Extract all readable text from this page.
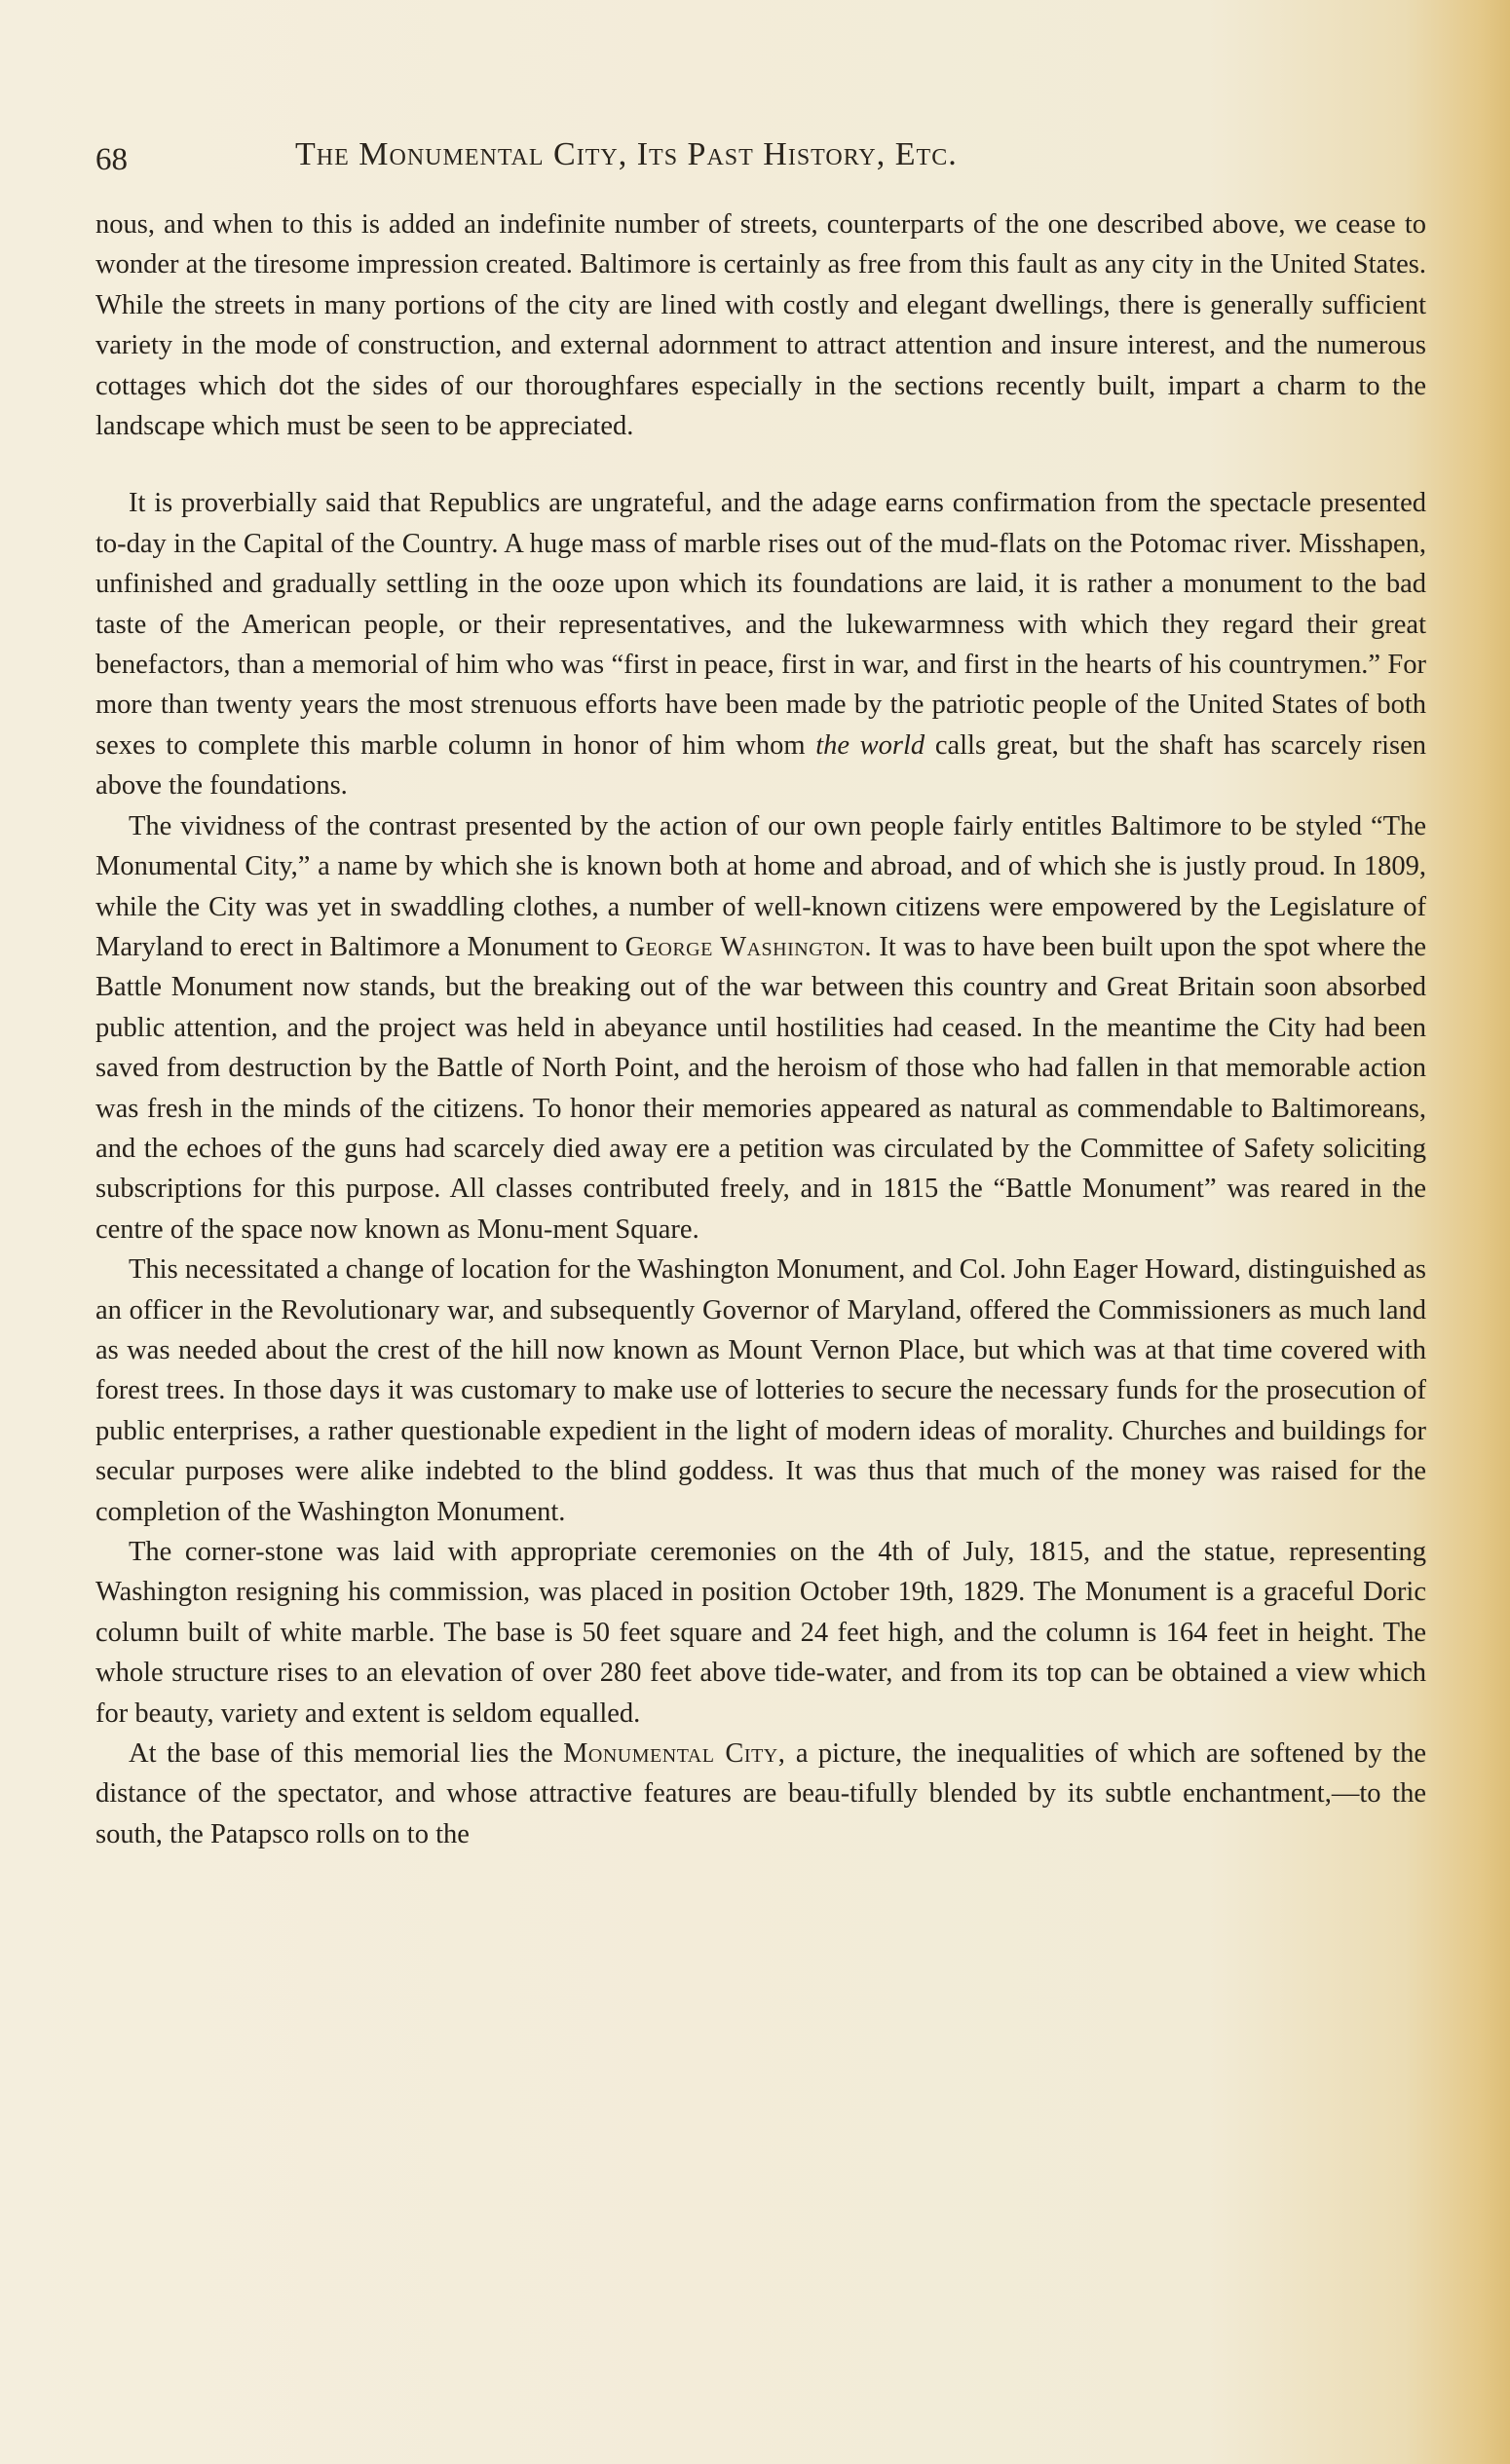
68	The Monumental City, Its Past History, Etc.

nous, and when to this is added an indefinite number of streets, counterparts of the one described above, we cease to wonder at the tiresome impression created. Baltimore is certainly as free from this fault as any city in the United States. While the streets in many portions of the city are lined with costly and elegant dwellings, there is generally sufficient variety in the mode of construction, and external adornment to attract attention and insure interest, and the numerous cottages which dot the sides of our thoroughfares especially in the sections recently built, impart a charm to the landscape which must be seen to be appreciated.

It is proverbially said that Republics are ungrateful, and the adage earns confirmation from the spectacle presented to-day in the Capital of the Country. A huge mass of marble rises out of the mud-flats on the Potomac river. Misshapen, unfinished and gradually settling in the ooze upon which its foundations are laid, it is rather a monument to the bad taste of the American people, or their representatives, and the lukewarmness with which they regard their great benefactors, than a memorial of him who was “first in peace, first in war, and first in the hearts of his countrymen.” For more than twenty years the most strenuous efforts have been made by the patriotic people of the United States of both sexes to complete this marble column in honor of him whom the world calls great, but the shaft has scarcely risen above the foundations.

The vividness of the contrast presented by the action of our own people fairly entitles Baltimore to be styled “The Monumental City,” a name by which she is known both at home and abroad, and of which she is justly proud. In 1809, while the City was yet in swaddling clothes, a number of well-known citizens were empowered by the Legislature of Maryland to erect in Baltimore a Monument to George Washington. It was to have been built upon the spot where the Battle Monument now stands, but the breaking out of the war between this country and Great Britain soon absorbed public attention, and the project was held in abeyance until hostilities had ceased. In the meantime the City had been saved from destruction by the Battle of North Point, and the heroism of those who had fallen in that memorable action was fresh in the minds of the citizens. To honor their memories appeared as natural as commendable to Baltimoreans, and the echoes of the guns had scarcely died away ere a petition was circulated by the Committee of Safety soliciting subscriptions for this purpose. All classes contributed freely, and in 1815 the “Battle Monument” was reared in the centre of the space now known as Monu-ment Square.

This necessitated a change of location for the Washington Monument, and Col. John Eager Howard, distinguished as an officer in the Revolutionary war, and subsequently Governor of Maryland, offered the Commissioners as much land as was needed about the crest of the hill now known as Mount Vernon Place, but which was at that time covered with forest trees. In those days it was customary to make use of lotteries to secure the necessary funds for the prosecution of public enterprises, a rather questionable expedient in the light of modern ideas of morality. Churches and buildings for secular purposes were alike indebted to the blind goddess. It was thus that much of the money was raised for the completion of the Washington Monument.

The corner-stone was laid with appropriate ceremonies on the 4th of July, 1815, and the statue, representing Washington resigning his commission, was placed in position October 19th, 1829. The Monument is a graceful Doric column built of white marble. The base is 50 feet square and 24 feet high, and the column is 164 feet in height. The whole structure rises to an elevation of over 280 feet above tide-water, and from its top can be obtained a view which for beauty, variety and extent is seldom equalled.

At the base of this memorial lies the Monumental City, a picture, the inequalities of which are softened by the distance of the spectator, and whose attractive features are beau-tifully blended by its subtle enchantment,—to the south, the Patapsco rolls on to the
